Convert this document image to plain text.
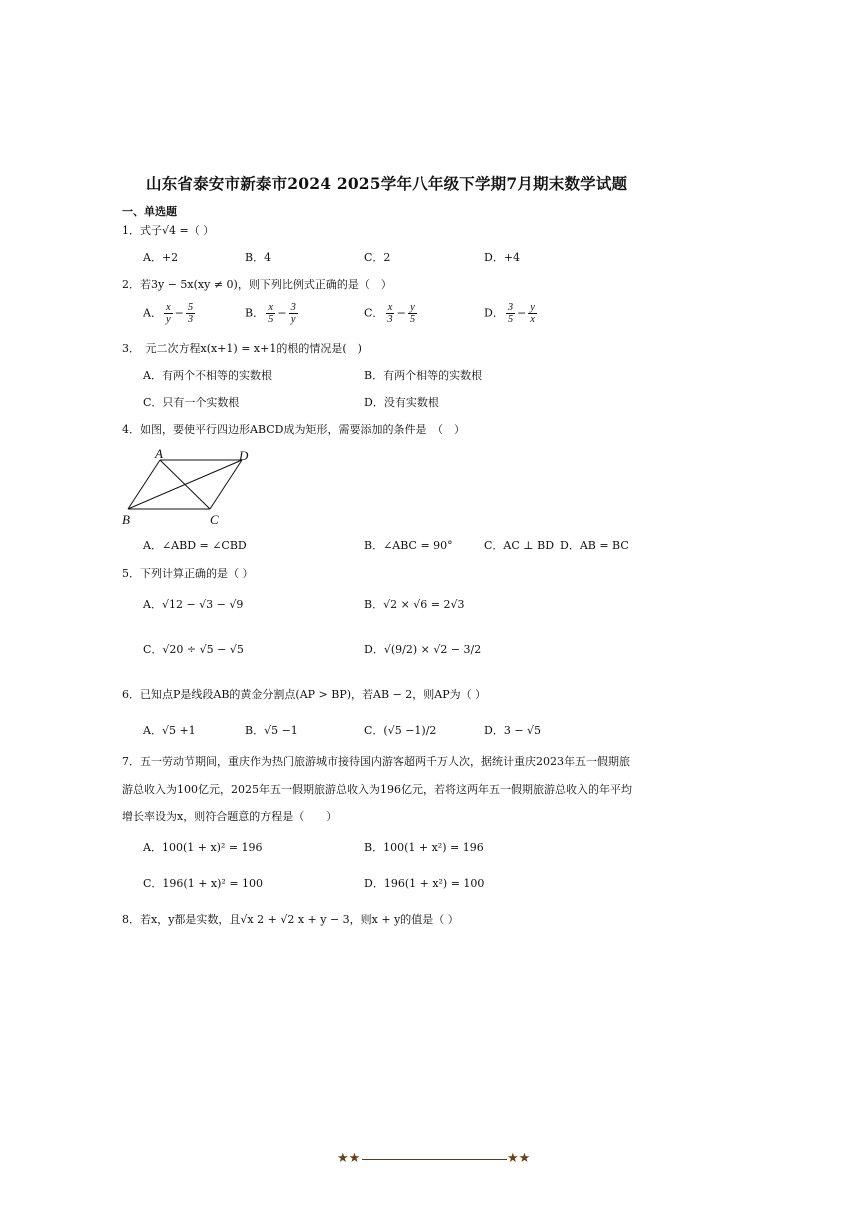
山东省泰安市新泰市2024 2025学年八年级下学期7月期末数学试题
一、单选题
1．式子√4 =（ ）
A．+2	B．4	C．2	D．+4
2．若3y − 5x(xy ≠ 0)，则下列比例式正确的是（　）
A． $\frac{x}{y} - \frac{5}{3}$	B． $\frac{x}{5} - \frac{3}{y}$	C． $\frac{x}{3} - \frac{y}{5}$	D． $\frac{3}{5} - \frac{y}{x}$
3．　元二次方程x(x+1) = x+1的根的情况是(　)
A．有两个不相等的实数根	B．有两个相等的实数根
C．只有一个实数根	D．没有实数根
4．如图，要使平行四边形ABCD成为矩形，需要添加的条件是　（　）
A	D
B	C
A．∠ABD = ∠CBD	B．∠ABC = 90°	C．AC ⊥ BD D．AB = BC
5．下列计算正确的是（ ）
A．√12 − √3 − √9	B．√2 × √6 = 2√3
C．√20 ÷ √5 − √5	D．√(9/2) × √2 − 3/2
6．已知点P是线段AB的黄金分割点(AP > BP)，若AB − 2，则AP为（ ）
A．√5 +1	B．√5 −1	C．(√5 −1)/2	D．3 − √5
7．五一劳动节期间，重庆作为热门旅游城市接待国内游客超两千万人次，据统计重庆2023年五一假期旅
游总收入为100亿元，2025年五一假期旅游总收入为196亿元，若将这两年五一假期旅游总收入的年平均
增长率设为x，则符合题意的方程是（　　）
A．100(1 + x)² = 196	B．100(1 + x²) = 196
C．196(1 + x)² = 100	D．196(1 + x²) = 100
8．若x，y都是实数，且√x 2 + √2 x + y − 3，则x + y的值是（ ）
★★	★★
